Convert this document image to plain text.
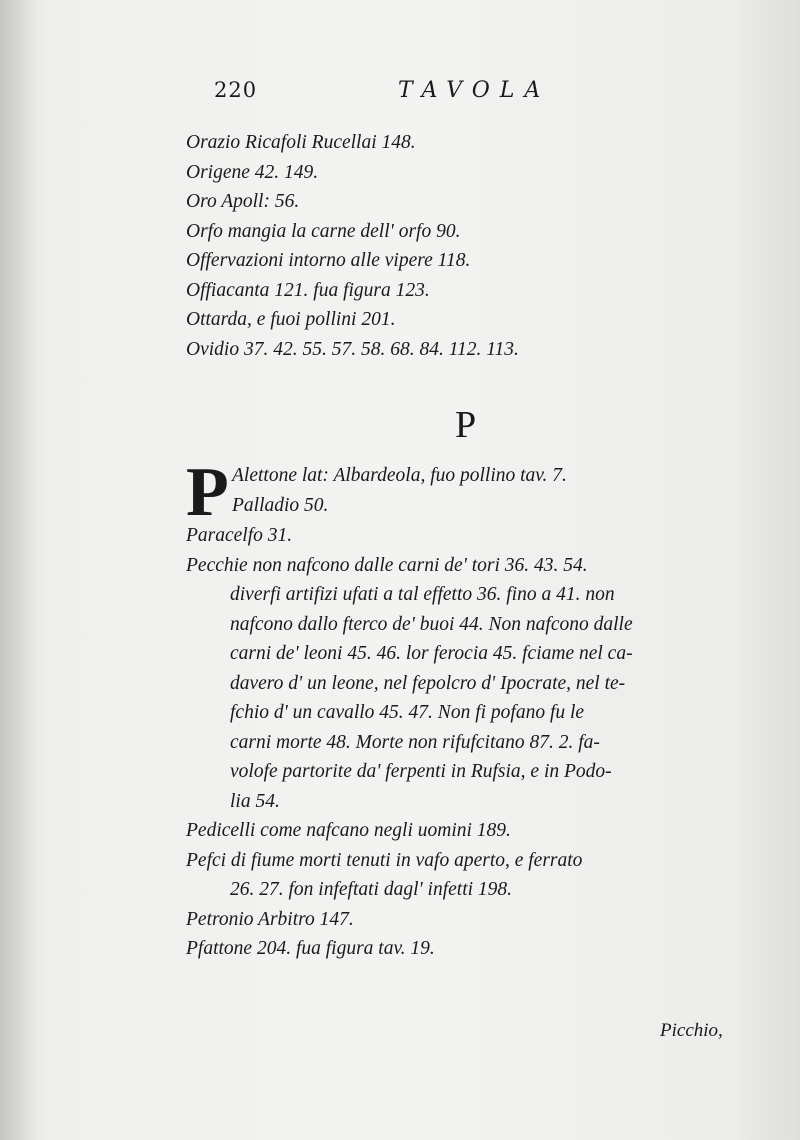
220	TAVOLA
Orazio Ricafoli Rucellai 148.
Origene 42. 149.
Oro Apoll: 56.
Orfo mangia la carne dell' orfo 90.
Offervazioni intorno alle vipere 118.
Offiacanta 121. fua figura 123.
Ottarda, e fuoi pollini 201.
Ovidio 37. 42. 55. 57. 58. 68. 84. 112. 113.
P
P Alettone lat: Albardeola, fuo pollino tav. 7.
Palladio 50.
Paracelfo 31.
Pecchie non nafcono dalle carni de' tori 36. 43. 54.
diverfi artifizi ufati a tal effetto 36. fino a 41. non
nafcono dallo fterco de' buoi 44. Non nafcono dalle
carni de' leoni 45. 46. lor ferocia 45. fciame nel ca-
davero d' un leone, nel fepolcro d' Ipocrate, nel te-
fchio d' un cavallo 45. 47. Non fi pofano fu le
carni morte 48. Morte non rifufcitano 87. 2. fa-
volofe partorite da' ferpenti in Rufsia, e in Podo-
lia 54.
Pedicelli come nafcano negli uomini 189.
Pefci di fiume morti tenuti in vafo aperto, e ferrato
26. 27. fon infeftati dagl' infetti 198.
Petronio Arbitro 147.
Pfattone 204. fua figura tav. 19.
Picchio,
